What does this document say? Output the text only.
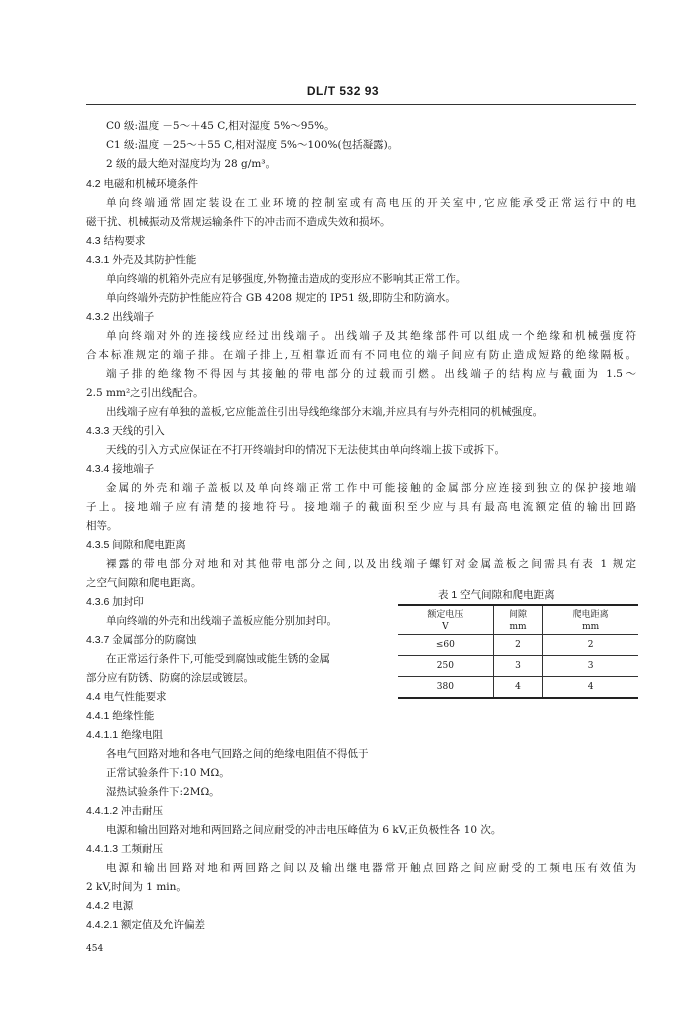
DL/T 532 93
C0 级:温度 －5～＋45 C,相对湿度 5%～95%。
C1 级:温度 －25～＋55 C,相对湿度 5%～100%(包括凝露)。
2 级的最大绝对湿度均为 28 g/m³。
4.2 电磁和机械环境条件
单向终端通常固定装设在工业环境的控制室或有高电压的开关室中,它应能承受正常运行中的电
磁干扰、机械振动及常规运输条件下的冲击而不造成失效和损坏。
4.3 结构要求
4.3.1 外壳及其防护性能
单向终端的机箱外壳应有足够强度,外物撞击造成的变形应不影响其正常工作。
单向终端外壳防护性能应符合 GB 4208 规定的 IP51 级,即防尘和防滴水。
4.3.2 出线端子
单向终端对外的连接线应经过出线端子。出线端子及其绝缘部件可以组成一个绝缘和机械强度符
合本标准规定的端子排。在端子排上,互相靠近而有不同电位的端子间应有防止造成短路的绝缘隔板。
端子排的绝缘物不得因与其接触的带电部分的过载而引燃。出线端子的结构应与截面为 1.5～
2.5 mm²之引出线配合。
出线端子应有单独的盖板,它应能盖住引出导线绝缘部分末端,并应具有与外壳相同的机械强度。
4.3.3 天线的引入
天线的引入方式应保证在不打开终端封印的情况下无法使其由单向终端上拔下或拆下。
4.3.4 接地端子
金属的外壳和端子盖板以及单向终端正常工作中可能接触的金属部分应连接到独立的保护接地端
子上。接地端子应有清楚的接地符号。接地端子的截面积至少应与具有最高电流额定值的输出回路
相等。
4.3.5 间隙和爬电距离
裸露的带电部分对地和对其他带电部分之间,以及出线端子螺钉对金属盖板之间需具有表 1 规定
之空气间隙和爬电距离。
4.3.6 加封印
单向终端的外壳和出线端子盖板应能分别加封印。
4.3.7 金属部分的防腐蚀
在正常运行条件下,可能受到腐蚀或能生锈的金属
部分应有防锈、防腐的涂层或镀层。
4.4 电气性能要求
4.4.1 绝缘性能
4.4.1.1 绝缘电阻
各电气回路对地和各电气回路之间的绝缘电阻值不得低于
正常试验条件下:10 MΩ。
湿热试验条件下:2MΩ。
4.4.1.2 冲击耐压
电源和输出回路对地和两回路之间应耐受的冲击电压峰值为 6 kV,正负极性各 10 次。
4.4.1.3 工频耐压
电源和输出回路对地和两回路之间以及输出继电器常开触点回路之间应耐受的工频电压有效值为
2 kV,时间为 1 min。
4.4.2 电源
4.4.2.1 额定值及允许偏差
表 1 空气间隙和爬电距离
额定电压	间隙	爬电距离
V	mm	mm
≤60	2	2
250	3	3
380	4	4
454
